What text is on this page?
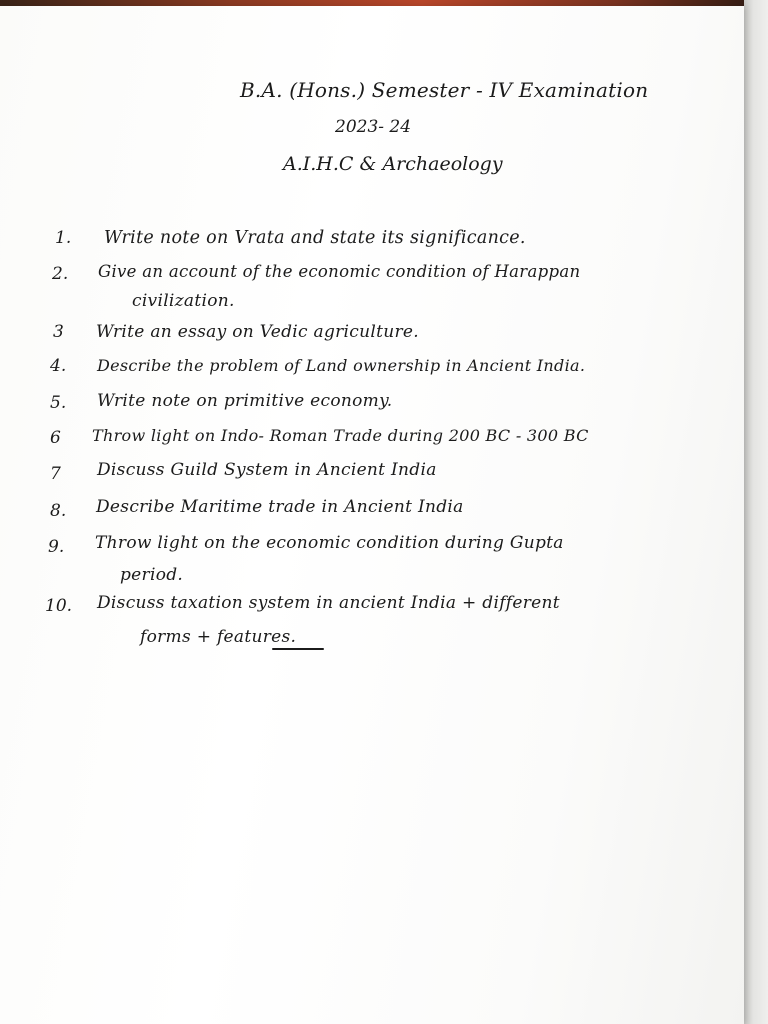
B.A. (Hons.) Semester - IV Examination
2023- 24
A.I.H.C & Archaeology
1. Write note on Vrata and state its significance.
2. Give an account of the economic condition of Harappan
civilization.
3 Write an essay on Vedic agriculture.
4. Describe the problem of Land ownership in Ancient India.
5. Write note on primitive economy.
6 Throw light on Indo- Roman Trade during 200 BC - 300 BC
7 Discuss Guild System in Ancient India
8. Describe Maritime trade in Ancient India
9. Throw light on the economic condition during Gupta
period.
10. Discuss taxation system in ancient India + different
forms + features.
